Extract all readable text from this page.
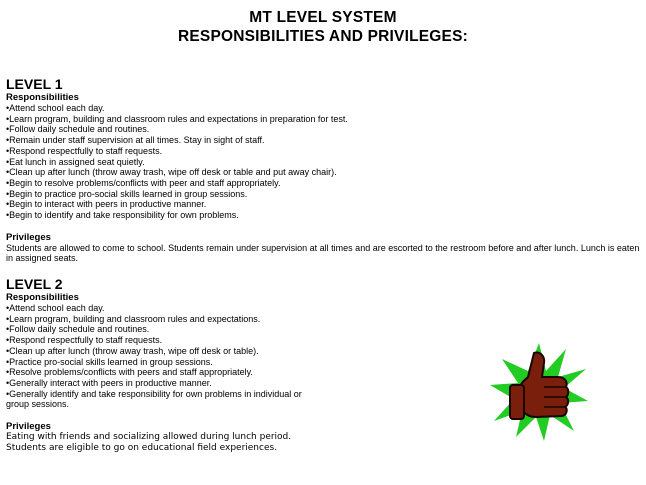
MT LEVEL SYSTEM
RESPONSIBILITIES AND PRIVILEGES:
LEVEL 1
Responsibilities
•Attend school each day.
•Learn program, building and classroom rules and expectations in preparation for test.
•Follow daily schedule and routines.
•Remain under staff supervision at all times. Stay in sight of staff.
•Respond respectfully to staff requests.
•Eat lunch in assigned seat quietly.
•Clean up after lunch (throw away trash, wipe off desk or table and put away chair).
•Begin to resolve problems/conflicts with peer and staff appropriately.
•Begin to practice pro-social skills learned in group sessions.
•Begin to interact with peers in productive manner.
•Begin to identify and take responsibility for own problems.
Privileges
Students are allowed to come to school. Students remain under supervision at all times and are escorted to the restroom before and after lunch. Lunch is eaten in assigned seats.
LEVEL 2
Responsibilities
•Attend school each day.
•Learn program, building and classroom rules and expectations.
•Follow daily schedule and routines.
•Respond respectfully to staff requests.
•Clean up after lunch (throw away trash, wipe off desk or table).
•Practice pro-social skills learned in group sessions.
•Resolve problems/conflicts with peers and staff appropriately.
•Generally interact with peers in productive manner.
•Generally identify and take responsibility for own problems in individual or
group sessions.
Privileges
Eating with friends and socializing allowed during lunch period.
Students are eligible to go on educational field experiences.
